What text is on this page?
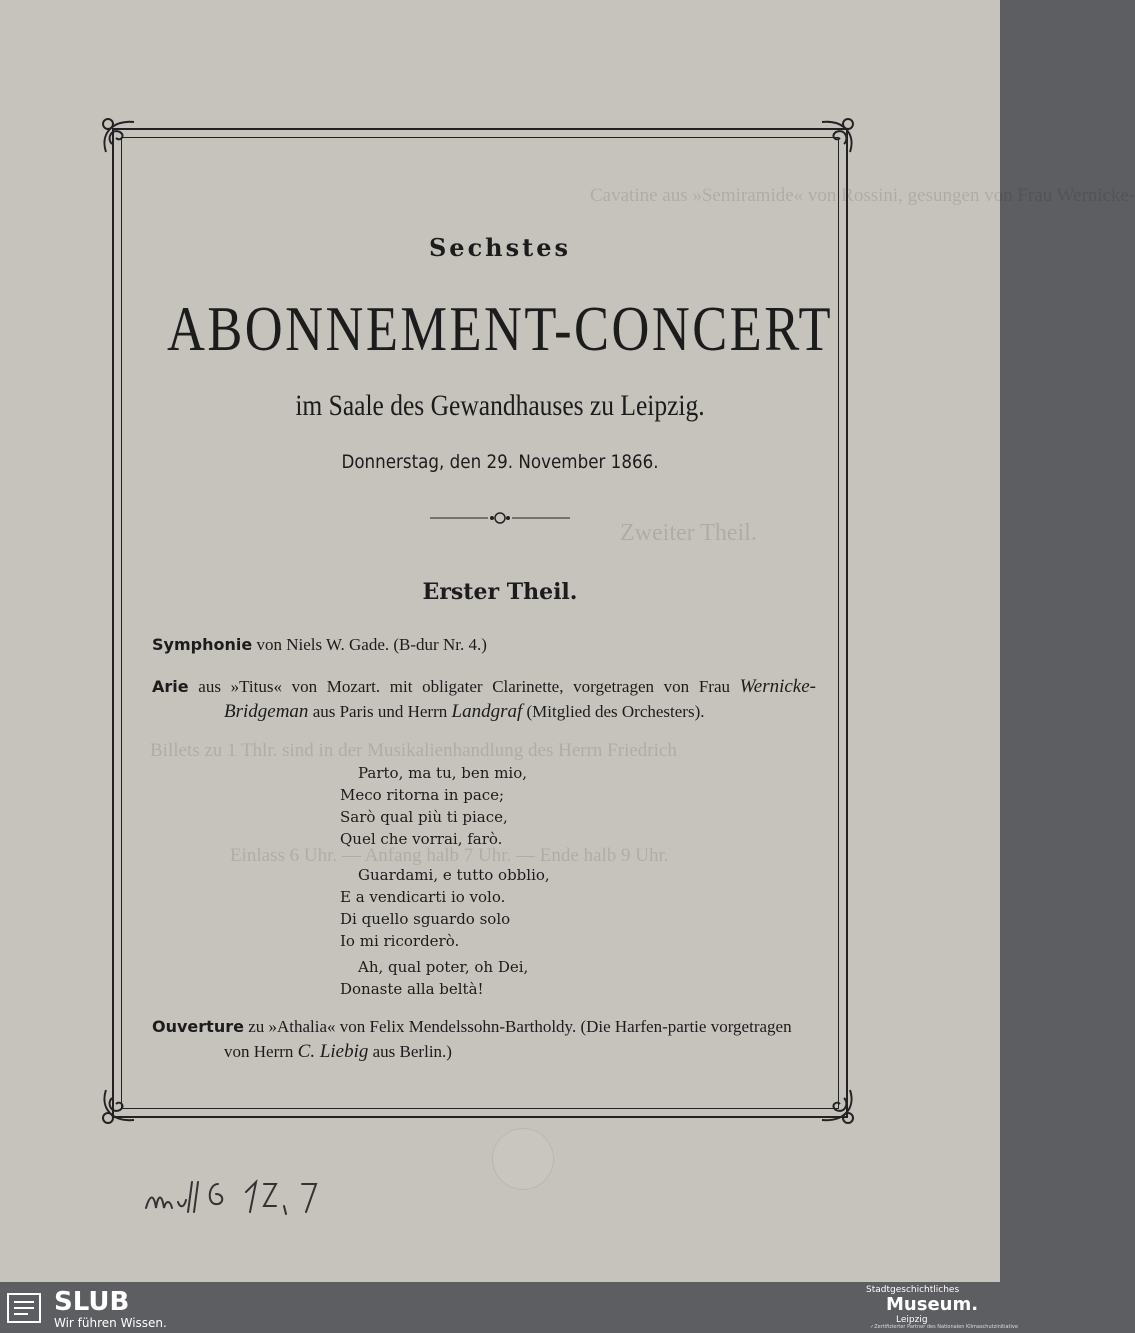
Cavatine aus »Semiramide« von Rossini, gesungen von Frau Wernicke-
Zweiter Theil.
Billets zu 1 Thlr. sind in der Musikalienhandlung des Herrn Friedrich
Einlass 6 Uhr. — Anfang halb 7 Uhr. — Ende halb 9 Uhr.
Sechstes
ABONNEMENT-CONCERT
im Saale des Gewandhauses zu Leipzig.
Donnerstag, den 29. November 1866.
Erster Theil.
Symphonie von Niels W. Gade. (B-dur Nr. 4.)
Arie aus »Titus« von Mozart. mit obligater Clarinette, vorgetragen von Frau Wernicke-Bridgeman aus Paris und Herrn Landgraf (Mitglied des Orchesters).
Parto, ma tu, ben mio,
Meco ritorna in pace;
Sarò qual più ti piace,
Quel che vorrai, farò.
Guardami, e tutto obblio,
E a vendicarti io volo.
Di quello sguardo solo
Io mi ricorderò.
Ah, qual poter, oh Dei,
Donaste alla beltà!
Ouverture zu »Athalia« von Felix Mendelssohn-Bartholdy. (Die Harfen-partie vorgetragen von Herrn C. Liebig aus Berlin.)
SLUB
Wir führen Wissen.
Stadtgeschichtliches
Museum.
Leipzig
✓Zertifizierter Partner des Nationalen Klimaschutzinitiative
